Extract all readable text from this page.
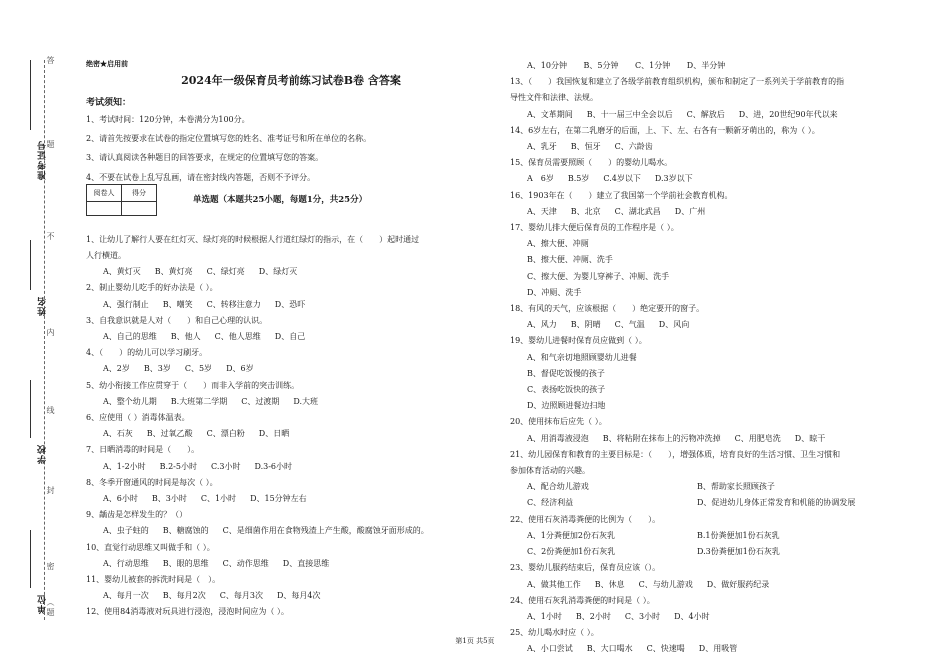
答
题
不
内
线
封
密
（
题
准考证号
姓名
学校
单位
绝密★启用前
2024年一级保育员考前练习试卷B卷 含答案
考试须知：
1、考试时间：120分钟，本卷满分为100分。
2、请首先按要求在试卷的指定位置填写您的姓名、准考证号和所在单位的名称。
3、请认真阅读各种题目的回答要求，在规定的位置填写您的答案。
4、不要在试卷上乱写乱画，请在密封线内答题，否则不予评分。
阅卷人	得分

单选题（本题共25小题，每题1分，共25分）
1、让幼儿了解行人要在红灯灭、绿灯亮的时候根据人行道红绿灯的指示，在（　　）起时通过
人行横道。
A、黄灯灭 B、黄灯亮 C、绿灯亮 D、绿灯灭
2、制止婴幼儿吃手的好办法是（ ）。
A、强行制止 B、嘲笑 C、转移注意力 D、恐吓
3、自我意识就是人对（　　）和自己心理的认识。
A、自己的思维 B、他人 C、他人思维 D、自己
4、（　　）的幼儿可以学习刷牙。
A、2岁 B、3岁 C、5岁 D、6岁
5、幼小衔接工作应贯穿于（　　）而非入学前的突击训练。
A、整个幼儿期 B.大班第二学期 C、过渡期 D.大班
6、应使用（ ）消毒体温表。
A、石灰 B、过氧乙酸 C、漂白粉 D、日晒
7、日晒消毒的时间是（　　）。
A、1-2小时 B.2-5小时 C.3小时 D.3-6小时
8、冬季开窗通风的时间是每次（ ）。
A、6小时 B、3小时 C、1小时 D、15分钟左右
9、龋齿是怎样发生的？（）
A、虫子蛀的 B、糖腐蚀的 C、是细菌作用在食物残渣上产生酸，酸腐蚀牙面形成的。
10、直觉行动思维又叫做手和（ ）。
A、行动思维 B、眼的思维 C、动作思维 D、直接思维
11、婴幼儿被套的拆洗时间是（　）。
A、每月一次 B、每月2次 C、每月3次 D、每月4次
12、使用84消毒液对玩具进行浸泡，浸泡时间应为（ ）。
A、10分钟 B、5分钟 C、1分钟 D、半分钟
13、（　　）我国恢复和建立了各级学前教育组织机构，颁布和制定了一系列关于学前教育的指
导性文件和法律、法规。
A、文革期间 B、十一届三中全会以后 C、解放后 D、进，20世纪90年代以来
14、6岁左右，在第二乳磨牙的后面，上、下、左、右各有一颗新牙萌出的，称为（ ）。
A、乳牙 B、恒牙 C、六龄齿
15、保育员需要照顾（　　）的婴幼儿喝水。
A　6岁 B.5岁 C.4岁以下 D.3岁以下
16、1903年在（　　）建立了我国第一个学前社会教育机构。
A、天津 B、北京 C、湖北武昌 D、广州
17、婴幼儿排大便后保育员的工作程序是（ ）。
A、擦大便、冲厕
B、擦大便、冲厕、洗手
C、擦大便、为婴儿穿裤子、冲厕、洗手
D、冲厕、洗手
18、有风的天气，应该根据（　　）绝定要开的窗子。
A、风力 B、阴晴 C、气温 D、风向
19、婴幼儿进餐时保育员应做到（ ）。
A、和气亲切地照顾婴幼儿进餐
B、督促吃饭慢的孩子
C、表扬吃饭快的孩子
D、边照顾进餐边扫地
20、使用抹布后应先（ ）。
A、用消毒液浸泡 B、将粘附在抹布上的污物冲洗掉 C、用肥皂洗 D、晾干
21、幼儿园保育和教育的主要目标是：（　　），增强体质，培育良好的生活习惯、卫生习惯和
参加体育活动的兴趣。
A、配合幼儿游戏	B、帮助家长照顾孩子
C、经济利益	D、促进幼儿身体正常发育和机能的协调发展
22、使用石灰消毒粪便的比例为（　　）。
A、1分粪便加2份石灰乳	B.1份粪便加1份石灰乳
C、2份粪便加1份石灰乳	D.3份粪便加1份石灰乳
23、婴幼儿服药结束后，保育员应该（）。
A、做其他工作 B、休息 C、与幼儿游戏 D、做好服药纪录
24、使用石灰乳消毒粪便的时间是（ ）。
A、1小时 B、2小时 C、3小时 D、4小时
25、幼儿喝水时应（ ）。
A、小口尝试 B、大口喝水 C、快速喝 D、用吸管
第1页 共5页
